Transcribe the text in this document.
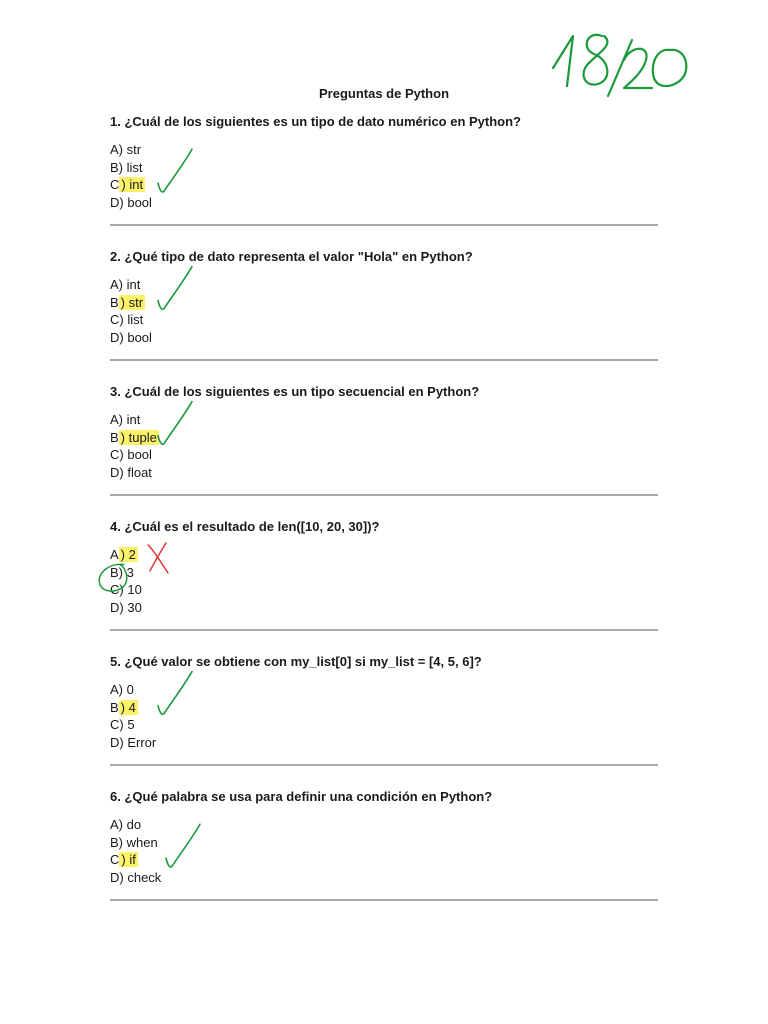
Preguntas de Python
1. ¿Cuál de los siguientes es un tipo de dato numérico en Python?
A) str
B) list
C ) int
D) bool
2. ¿Qué tipo de dato representa el valor "Hola" en Python?
A) int
B ) str
C) list
D) bool
3. ¿Cuál de los siguientes es un tipo secuencial en Python?
A) int
B ) tuple
C) bool
D) float
4. ¿Cuál es el resultado de len([10, 20, 30])?
A ) 2
B) 3
C) 10
D) 30
5. ¿Qué valor se obtiene con my_list[0] si my_list = [4, 5, 6]?
A) 0
B ) 4
C) 5
D) Error
6. ¿Qué palabra se usa para definir una condición en Python?
A) do
B) when
C ) if
D) check
